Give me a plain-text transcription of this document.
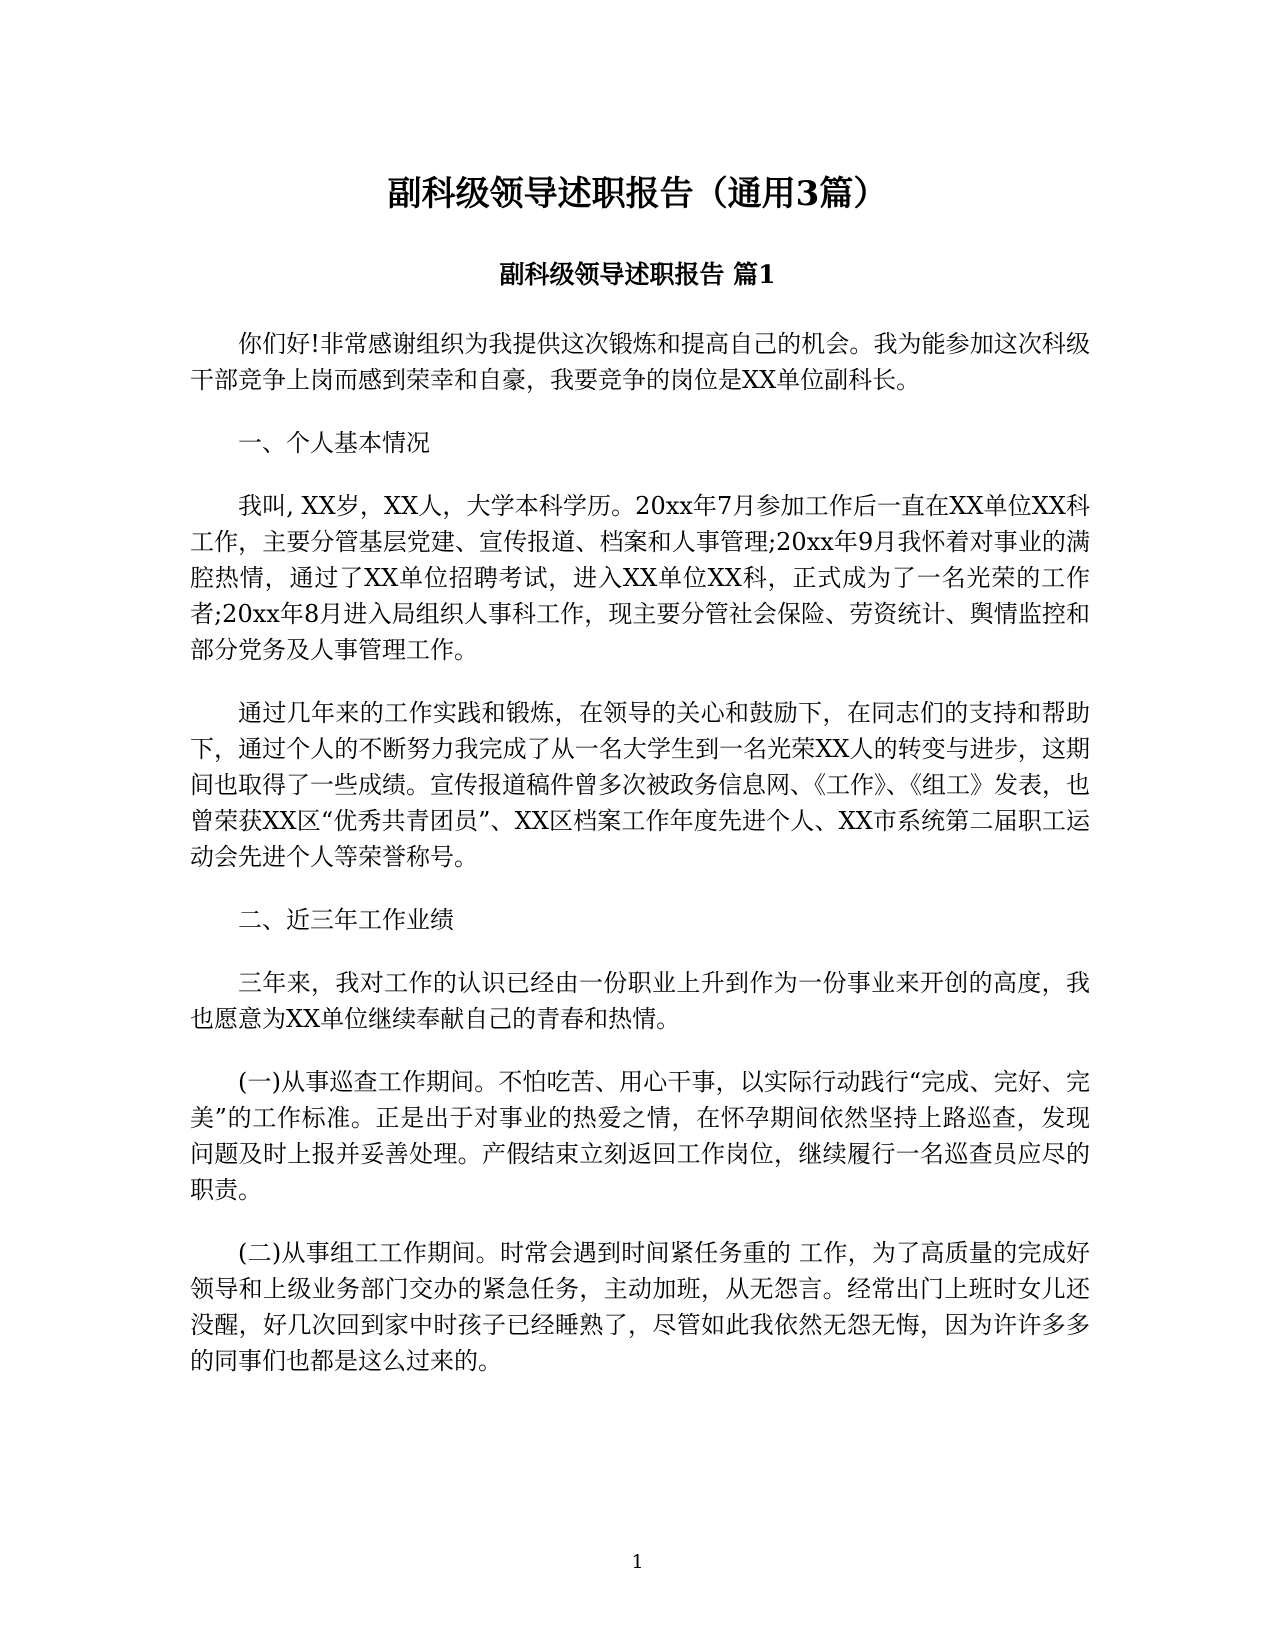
副科级领导述职报告（通用3篇）
副科级领导述职报告 篇1

你们好!非常感谢组织为我提供这次锻炼和提高自己的机会。我为能参加这次科级干部竞争上岗而感到荣幸和自豪，我要竞争的岗位是XX单位副科长。

一、个人基本情况

我叫, XX岁，XX人，大学本科学历。20xx年7月参加工作后一直在XX单位XX科工作，主要分管基层党建、宣传报道、档案和人事管理;20xx年9月我怀着对事业的满腔热情，通过了XX单位招聘考试，进入XX单位XX科，正式成为了一名光荣的工作者;20xx年8月进入局组织人事科工作，现主要分管社会保险、劳资统计、舆情监控和部分党务及人事管理工作。

通过几年来的工作实践和锻炼，在领导的关心和鼓励下，在同志们的支持和帮助下，通过个人的不断努力我完成了从一名大学生到一名光荣XX人的转变与进步，这期间也取得了一些成绩。宣传报道稿件曾多次被政务信息网、《工作》、《组工》发表，也曾荣获XX区“优秀共青团员”、XX区档案工作年度先进个人、XX市系统第二届职工运动会先进个人等荣誉称号。

二、近三年工作业绩

三年来，我对工作的认识已经由一份职业上升到作为一份事业来开创的高度，我也愿意为XX单位继续奉献自己的青春和热情。

(一)从事巡查工作期间。不怕吃苦、用心干事，以实际行动践行“完成、完好、完美”的工作标准。正是出于对事业的热爱之情，在怀孕期间依然坚持上路巡查，发现问题及时上报并妥善处理。产假结束立刻返回工作岗位，继续履行一名巡查员应尽的职责。

(二)从事组工工作期间。时常会遇到时间紧任务重的 工作，为了高质量的完成好领导和上级业务部门交办的紧急任务，主动加班，从无怨言。经常出门上班时女儿还没醒，好几次回到家中时孩子已经睡熟了，尽管如此我依然无怨无悔，因为许许多多的同事们也都是这么过来的。

1
